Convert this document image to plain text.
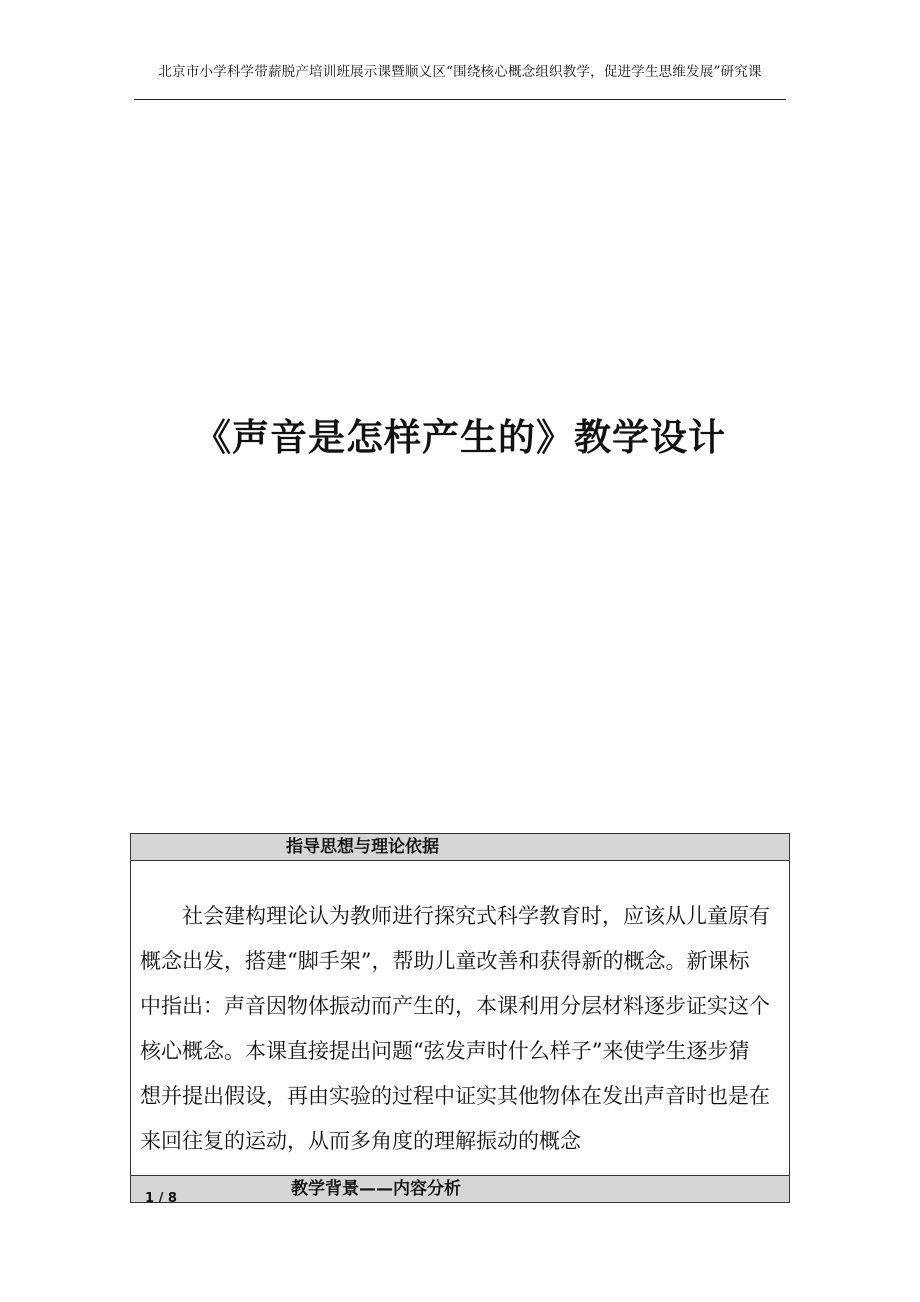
北京市小学科学带薪脱产培训班展示课暨顺义区“围绕核心概念组织教学，促进学生思维发展”研究课
《声音是怎样产生的》教学设计
指导思想与理论依据
社会建构理论认为教师进行探究式科学教育时，应该从儿童原有
概念出发，搭建“脚手架”，帮助儿童改善和获得新的概念。新课标
中指出：声音因物体振动而产生的，本课利用分层材料逐步证实这个
核心概念。本课直接提出问题“弦发声时什么样子”来使学生逐步猜
想并提出假设，再由实验的过程中证实其他物体在发出声音时也是在
来回往复的运动，从而多角度的理解振动的概念
教学背景——内容分析
1 / 8
